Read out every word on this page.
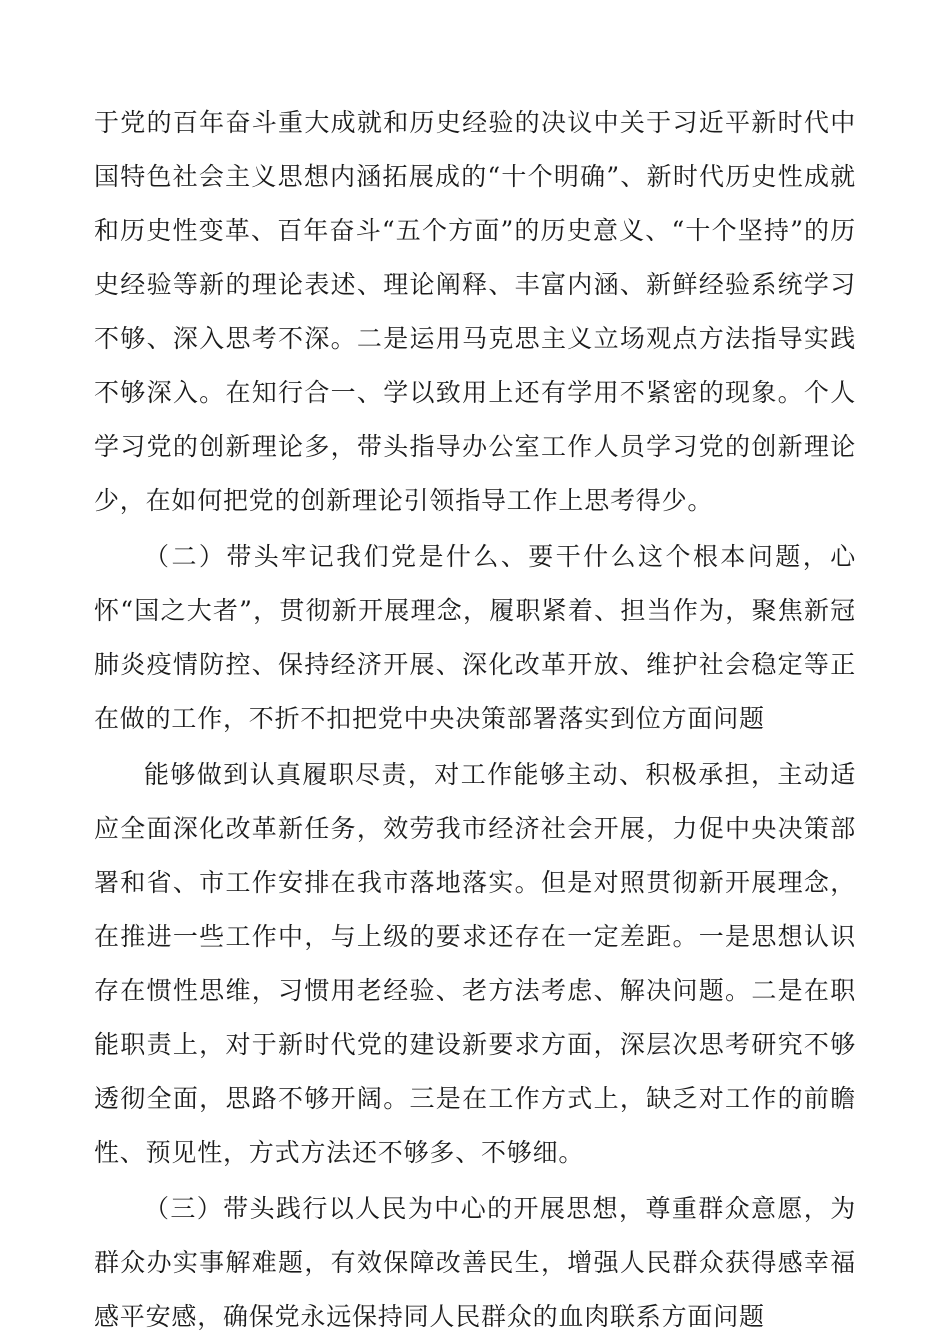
于党的百年奋斗重大成就和历史经验的决议中关于习近平新时代中国特色社会主义思想内涵拓展成的“十个明确”、新时代历史性成就和历史性变革、百年奋斗“五个方面”的历史意义、“十个坚持”的历史经验等新的理论表述、理论阐释、丰富内涵、新鲜经验系统学习不够、深入思考不深。二是运用马克思主义立场观点方法指导实践不够深入。在知行合一、学以致用上还有学用不紧密的现象。个人学习党的创新理论多，带头指导办公室工作人员学习党的创新理论少，在如何把党的创新理论引领指导工作上思考得少。

（二）带头牢记我们党是什么、要干什么这个根本问题，心怀“国之大者”，贯彻新开展理念，履职紧着、担当作为，聚焦新冠肺炎疫情防控、保持经济开展、深化改革开放、维护社会稳定等正在做的工作，不折不扣把党中央决策部署落实到位方面问题

能够做到认真履职尽责，对工作能够主动、积极承担，主动适应全面深化改革新任务，效劳我市经济社会开展，力促中央决策部署和省、市工作安排在我市落地落实。但是对照贯彻新开展理念，在推进一些工作中，与上级的要求还存在一定差距。一是思想认识存在惯性思维，习惯用老经验、老方法考虑、解决问题。二是在职能职责上，对于新时代党的建设新要求方面，深层次思考研究不够透彻全面，思路不够开阔。三是在工作方式上，缺乏对工作的前瞻性、预见性，方式方法还不够多、不够细。

（三）带头践行以人民为中心的开展思想，尊重群众意愿，为群众办实事解难题，有效保障改善民生，增强人民群众获得感幸福感平安感，确保党永远保持同人民群众的血肉联系方面问题
